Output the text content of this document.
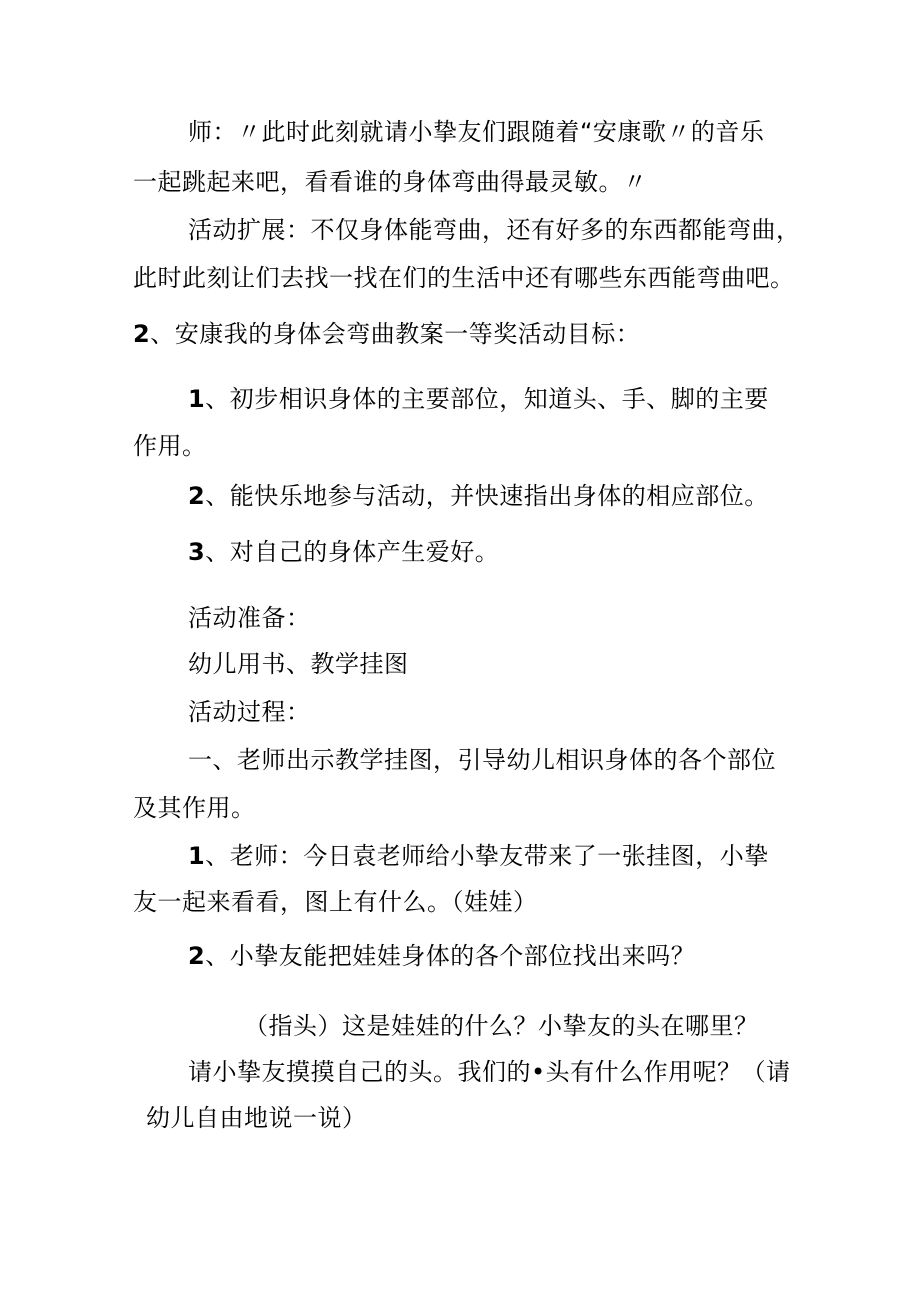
师：〃此时此刻就请小挚友们跟随着“安康歌〃的音乐
一起跳起来吧，看看谁的身体弯曲得最灵敏。〃
活动扩展：不仅身体能弯曲，还有好多的东西都能弯曲，
此时此刻让们去找一找在们的生活中还有哪些东西能弯曲吧。
2、安康我的身体会弯曲教案一等奖活动目标：
1、初步相识身体的主要部位，知道头、手、脚的主要
作用。
2、能快乐地参与活动，并快速指出身体的相应部位。
3、对自己的身体产生爱好。
活动准备：
幼儿用书、教学挂图
活动过程：
一、老师出示教学挂图，引导幼儿相识身体的各个部位
及其作用。
1、老师：今日袁老师给小挚友带来了一张挂图，小挚
友一起来看看，图上有什么。（娃娃）
2、小挚友能把娃娃身体的各个部位找出来吗？
（指头）这是娃娃的什么？小挚友的头在哪里？
请小挚友摸摸自己的头。我们的•头有什么作用呢？（请
幼儿自由地说一说）
